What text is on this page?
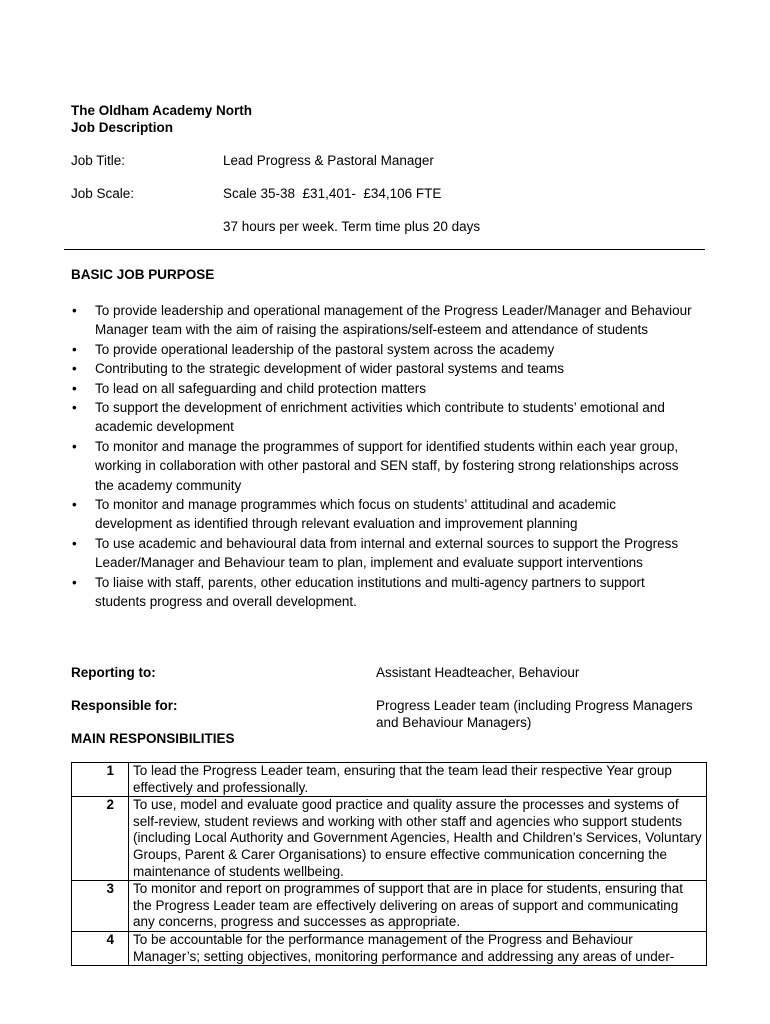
The Oldham Academy North
Job Description
Job Title:	Lead Progress & Pastoral Manager
Job Scale:	Scale 35-38  £31,401-  £34,106 FTE
37 hours per week. Term time plus 20 days
BASIC JOB PURPOSE
• To provide leadership and operational management of the Progress Leader/Manager and Behaviour Manager team with the aim of raising the aspirations/self-esteem and attendance of students
• To provide operational leadership of the pastoral system across the academy
• Contributing to the strategic development of wider pastoral systems and teams
• To lead on all safeguarding and child protection matters
• To support the development of enrichment activities which contribute to students’ emotional and academic development
• To monitor and manage the programmes of support for identified students within each year group, working in collaboration with other pastoral and SEN staff, by fostering strong relationships across the academy community
• To monitor and manage programmes which focus on students’ attitudinal and academic development as identified through relevant evaluation and improvement planning
• To use academic and behavioural data from internal and external sources to support the Progress Leader/Manager and Behaviour team to plan, implement and evaluate support interventions
• To liaise with staff, parents, other education institutions and multi-agency partners to support students progress and overall development.
Reporting to:	Assistant Headteacher, Behaviour
Responsible for:	Progress Leader team (including Progress Managers and Behaviour Managers)
MAIN RESPONSIBILITIES
1	To lead the Progress Leader team, ensuring that the team lead their respective Year group effectively and professionally.
2	To use, model and evaluate good practice and quality assure the processes and systems of self-review, student reviews and working with other staff and agencies who support students (including Local Authority and Government Agencies, Health and Children’s Services, Voluntary Groups, Parent & Carer Organisations) to ensure effective communication concerning the maintenance of students wellbeing.
3	To monitor and report on programmes of support that are in place for students, ensuring that the Progress Leader team are effectively delivering on areas of support and communicating any concerns, progress and successes as appropriate.
4	To be accountable for the performance management of the Progress and Behaviour Manager’s; setting objectives, monitoring performance and addressing any areas of under-
